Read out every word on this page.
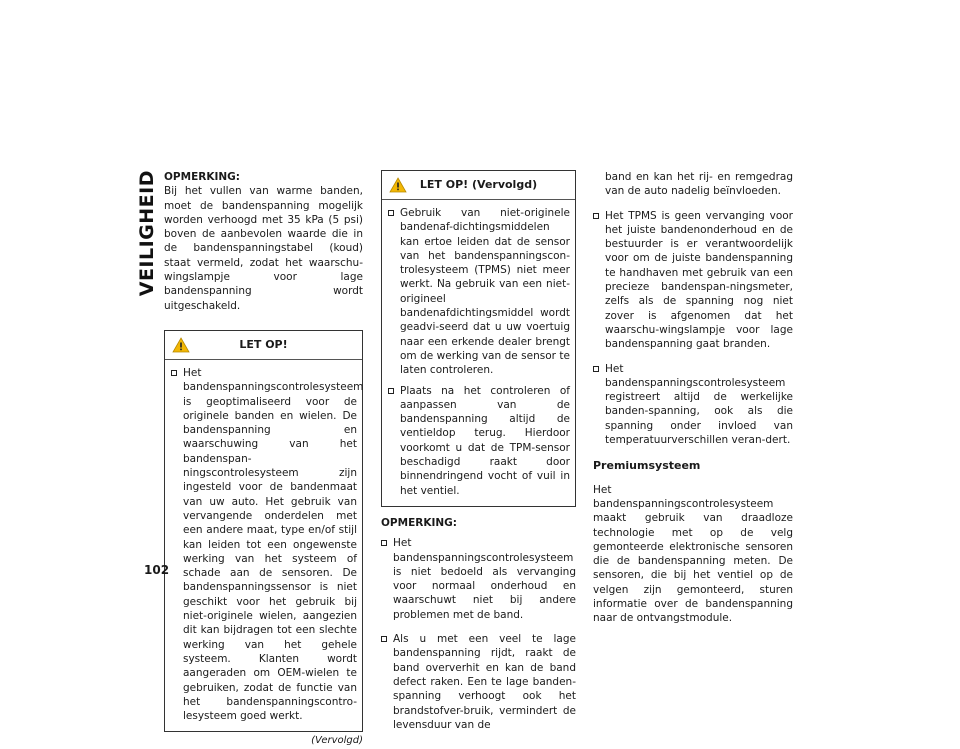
VEILIGHEID OPMERKING:

Bij het vullen van warme banden, moet de bandenspanning mogelijk worden verhoogd met 35 kPa (5 psi) boven de aanbevolen waarde die in de bandenspanningstabel (koud) staat vermeld, zodat het waarschu-wingslampje voor lage bandenspanning wordt uitgeschakeld.

LET OP!

Het bandenspanningscontrolesysteem is geoptimaliseerd voor de originele banden en wielen. De bandenspanning en waarschuwing van het bandenspan-ningscontrolesysteem zijn ingesteld voor de bandenmaat van uw auto. Het gebruik van vervangende onderdelen met een andere maat, type en/of stijl kan leiden tot een ongewenste werking van het systeem of schade aan de sensoren. De bandenspanningssensor is niet geschikt voor het gebruik bij niet-originele wielen, aangezien dit kan bijdragen tot een slechte werking van het gehele systeem. Klanten wordt aangeraden om OEM-wielen te gebruiken, zodat de functie van het bandenspanningscontro-lesysteem goed werkt.

(Vervolgd)
LET OP! (Vervolgd)

Gebruik van niet-originele bandenaf-dichtingsmiddelen kan ertoe leiden dat de sensor van het bandenspanningscon-trolesysteem (TPMS) niet meer werkt. Na gebruik van een niet-origineel bandenafdichtingsmiddel wordt geadvi-seerd dat u uw voertuig naar een erkende dealer brengt om de werking van de sensor te laten controleren.

Plaats na het controleren of aanpassen van de bandenspanning altijd de ventieldop terug. Hierdoor voorkomt u dat de TPM-sensor beschadigd raakt door binnendringend vocht of vuil in het ventiel.

OPMERKING:

Het bandenspanningscontrolesysteem is niet bedoeld als vervanging voor normaal onderhoud en waarschuwt niet bij andere problemen met de band.

Als u met een veel te lage bandenspanning rijdt, raakt de band oververhit en kan de band defect raken. Een te lage banden-spanning verhoogt ook het brandstofver-bruik, vermindert de levensduur van de

band en kan het rij- en remgedrag van de auto nadelig beïnvloeden.

Het TPMS is geen vervanging voor het juiste bandenonderhoud en de bestuurder is er verantwoordelijk voor om de juiste bandenspanning te handhaven met gebruik van een precieze bandenspan-ningsmeter, zelfs als de spanning nog niet zover is afgenomen dat het waarschu-wingslampje voor lage bandenspanning gaat branden.

Het bandenspanningscontrolesysteem registreert altijd de werkelijke banden-spanning, ook als die spanning onder invloed van temperatuurverschillen veran-dert.

Premiumsysteem

Het bandenspanningscontrolesysteem maakt gebruik van draadloze technologie met op de velg gemonteerde elektronische sensoren die de bandenspanning meten. De sensoren, die bij het ventiel op de velgen zijn gemonteerd, sturen informatie over de bandenspanning naar de ontvangstmodule.

102
